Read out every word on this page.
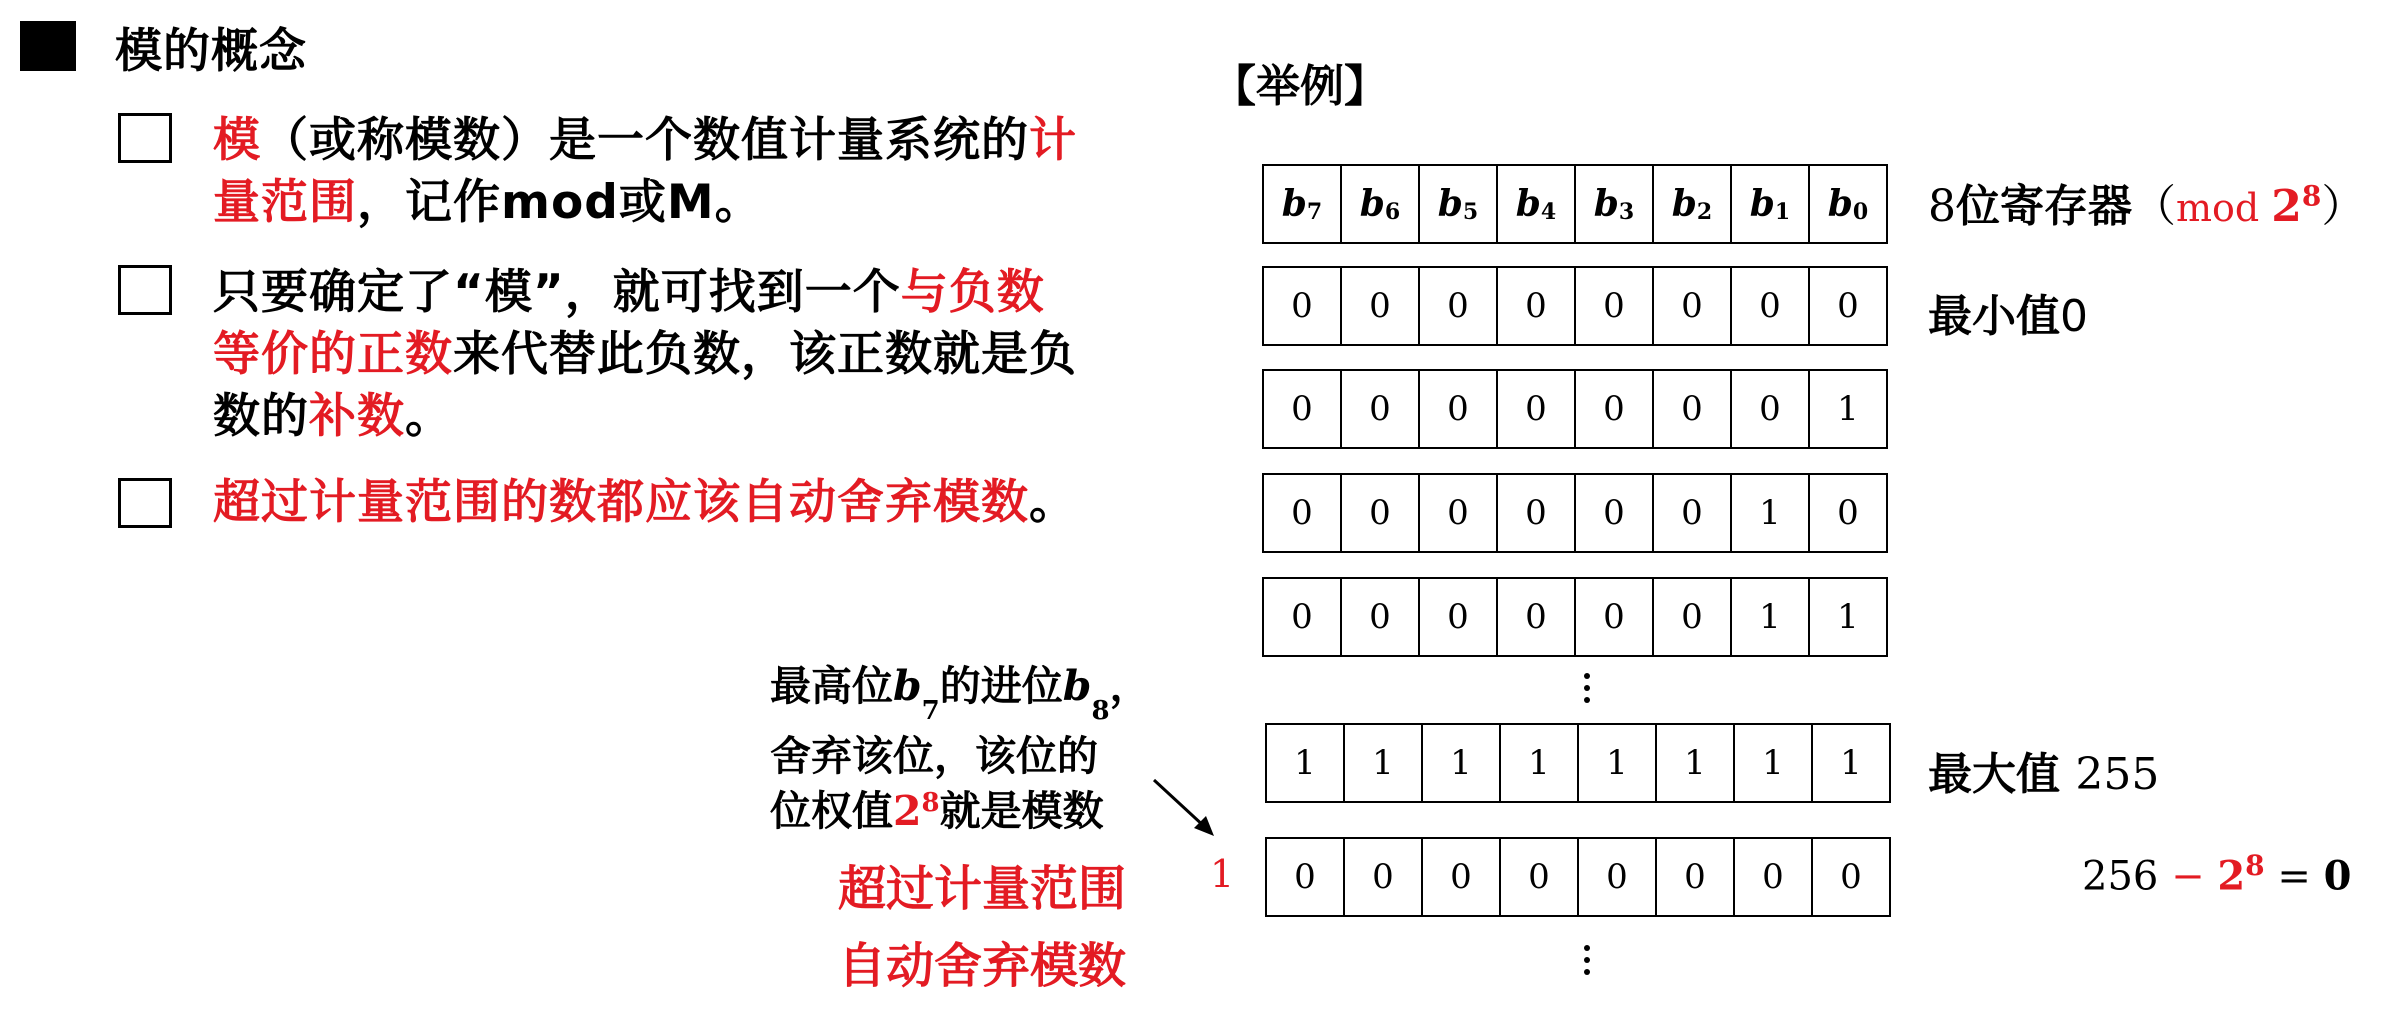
模的概念
模（或称模数）是一个数值计量系统的计
量范围，记作mod或M。
只要确定了“模”，就可找到一个与负数
等价的正数来代替此负数，该正数就是负
数的补数。
超过计量范围的数都应该自动舍弃模数。
【举例】
$b_7$ $b_6$ $b_5$ $b_4$ $b_3$ $b_2$ $b_1$ $b_0$ 8位寄存器（mod $2^8$）
0	0	0	0	0	0	0	0
0	0	0	0	0	0	0	1
0	0	0	0	0	0	1	0
0	0	0	0	0	0	1	1
1	1	1	1	1	1	1	1
0	0	0	0	0	0	0	0
最小值0
最大值 255
1	$256 - 2^8 = 0$
最高位$b_7$的进位$b_8$，
舍弃该位，该位的
位权值$2^8$就是模数
超过计量范围
自动舍弃模数
